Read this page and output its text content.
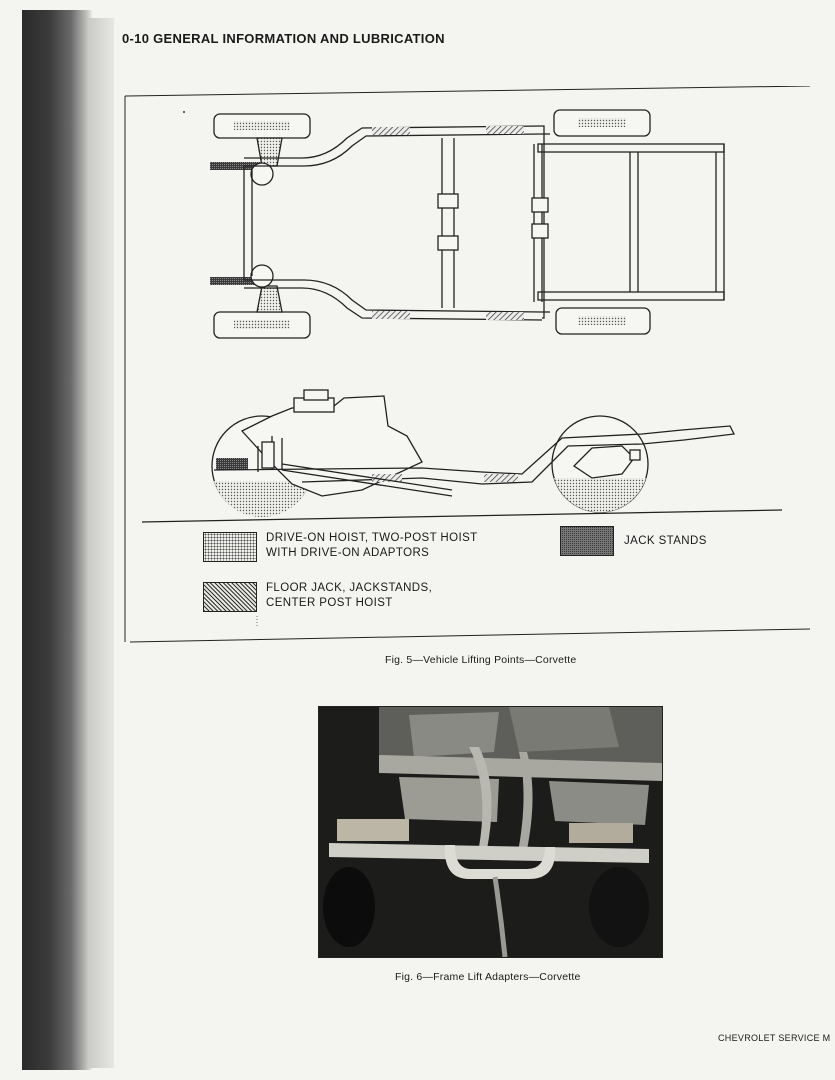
0-10 GENERAL INFORMATION AND LUBRICATION
DRIVE-ON HOIST, TWO-POST HOIST
WITH DRIVE-ON ADAPTORS
FLOOR JACK, JACKSTANDS,
CENTER POST HOIST
JACK STANDS
Fig. 5—Vehicle Lifting Points—Corvette
Fig. 6—Frame Lift Adapters—Corvette
CHEVROLET SERVICE M
